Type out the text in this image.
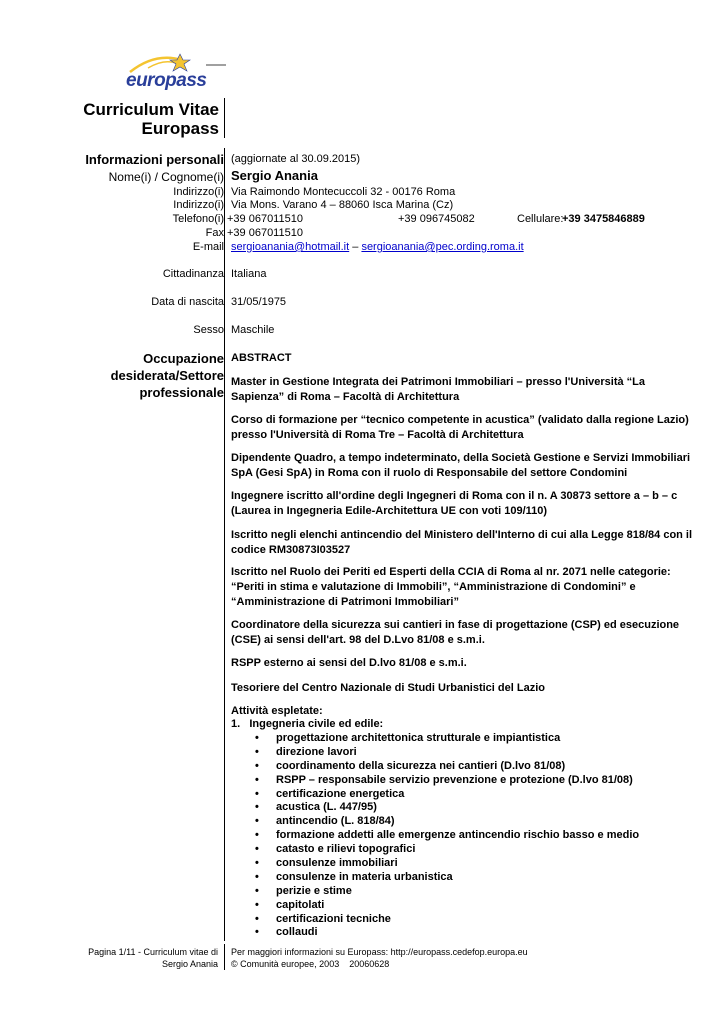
europass
Curriculum Vitae
Europass
Informazioni personali (aggiornate al 30.09.2015)
Nome(i) / Cognome(i) Sergio Anania
Indirizzo(i) Via Raimondo Montecuccoli 32 - 00176 Roma
Indirizzo(i) Via Mons. Varano 4 – 88060 Isca Marina (Cz)
Telefono(i) +39 067011510	+39 096745082	Cellulare:
+39 3475846889
Fax +39 067011510
E-mail sergioanania@hotmail.it – sergioanania@pec.ording.roma.it
Cittadinanza Italiana
Data di nascita 31/05/1975
Sesso Maschile
Occupazione
desiderata/Settore
professionale
ABSTRACT
Master in Gestione Integrata dei Patrimoni Immobiliari – presso l'Università “La Sapienza” di Roma – Facoltà di Architettura
Corso di formazione per “tecnico competente in acustica” (validato dalla regione Lazio) presso l'Università di Roma Tre – Facoltà di Architettura
Dipendente Quadro, a tempo indeterminato, della Società Gestione e Servizi Immobiliari SpA (Gesi SpA) in Roma con il ruolo di Responsabile del settore Condomini
Ingegnere iscritto all'ordine degli Ingegneri di Roma con il n. A 30873 settore a – b – c (Laurea in Ingegneria Edile-Architettura UE con voti 109/110)
Iscritto negli elenchi antincendio del Ministero dell'Interno di cui alla Legge 818/84 con il codice RM30873I03527
Iscritto nel Ruolo dei Periti ed Esperti della CCIA di Roma al nr. 2071 nelle categorie: “Periti in stima e valutazione di Immobili”, “Amministrazione di Condomini” e “Amministrazione di Patrimoni Immobiliari”
Coordinatore della sicurezza sui cantieri in fase di progettazione (CSP) ed esecuzione (CSE) ai sensi dell'art. 98 del D.Lvo 81/08 e s.m.i.
RSPP esterno ai sensi del D.lvo 81/08 e s.m.i.
Tesoriere del Centro Nazionale di Studi Urbanistici del Lazio
Attività espletate:
1.   Ingegneria civile ed edile:
• progettazione architettonica strutturale e impiantistica
• direzione lavori
• coordinamento della sicurezza nei cantieri (D.lvo 81/08)
• RSPP – responsabile servizio prevenzione e protezione (D.lvo 81/08)
• certificazione energetica
• acustica (L. 447/95)
• antincendio (L. 818/84)
• formazione addetti alle emergenze antincendio rischio basso e medio
• catasto e rilievi topografici
• consulenze immobiliari
• consulenze in materia urbanistica
• perizie e stime
• capitolati
• certificazioni tecniche
• collaudi
Pagina 1/11 - Curriculum vitae di
Sergio Anania
Per maggiori informazioni su Europass: http://europass.cedefop.europa.eu
© Comunità europee, 2003    20060628
